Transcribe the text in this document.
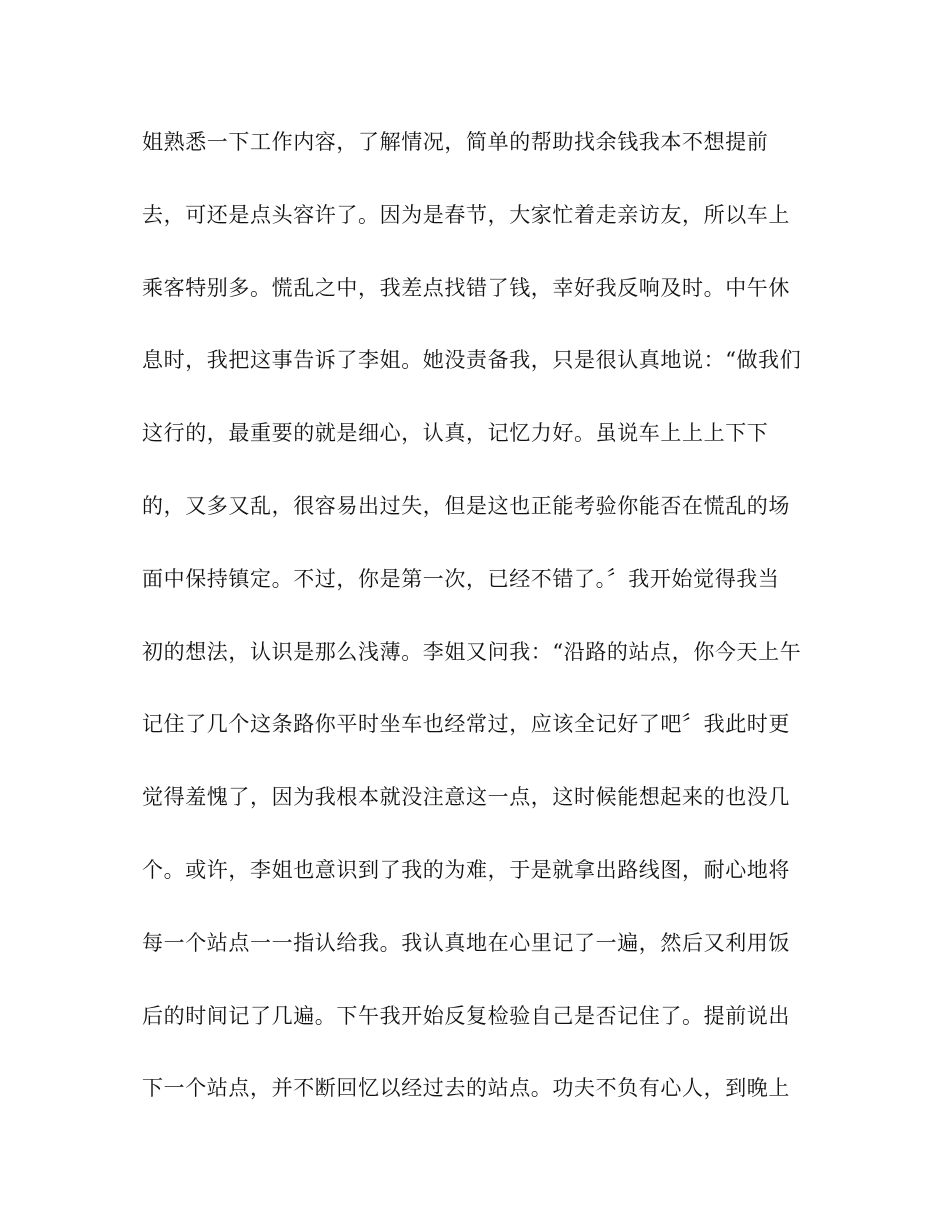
姐熟悉一下工作内容，了解情况，简单的帮助找余钱我本不想提前
去，可还是点头容许了。因为是春节，大家忙着走亲访友，所以车上
乘客特别多。慌乱之中，我差点找错了钱，幸好我反响及时。中午休
息时，我把这事告诉了李姐。她没责备我，只是很认真地说：“做我们
这行的，最重要的就是细心，认真，记忆力好。虽说车上上上下下
的，又多又乱，很容易出过失，但是这也正能考验你能否在慌乱的场
面中保持镇定。不过，你是第一次，已经不错了。〞我开始觉得我当
初的想法，认识是那么浅薄。李姐又问我：“沿路的站点，你今天上午
记住了几个这条路你平时坐车也经常过，应该全记好了吧〞我此时更
觉得羞愧了，因为我根本就没注意这一点，这时候能想起来的也没几
个。或许，李姐也意识到了我的为难，于是就拿出路线图，耐心地将
每一个站点一一指认给我。我认真地在心里记了一遍，然后又利用饭
后的时间记了几遍。下午我开始反复检验自己是否记住了。提前说出
下一个站点，并不断回忆以经过去的站点。功夫不负有心人，到晚上
